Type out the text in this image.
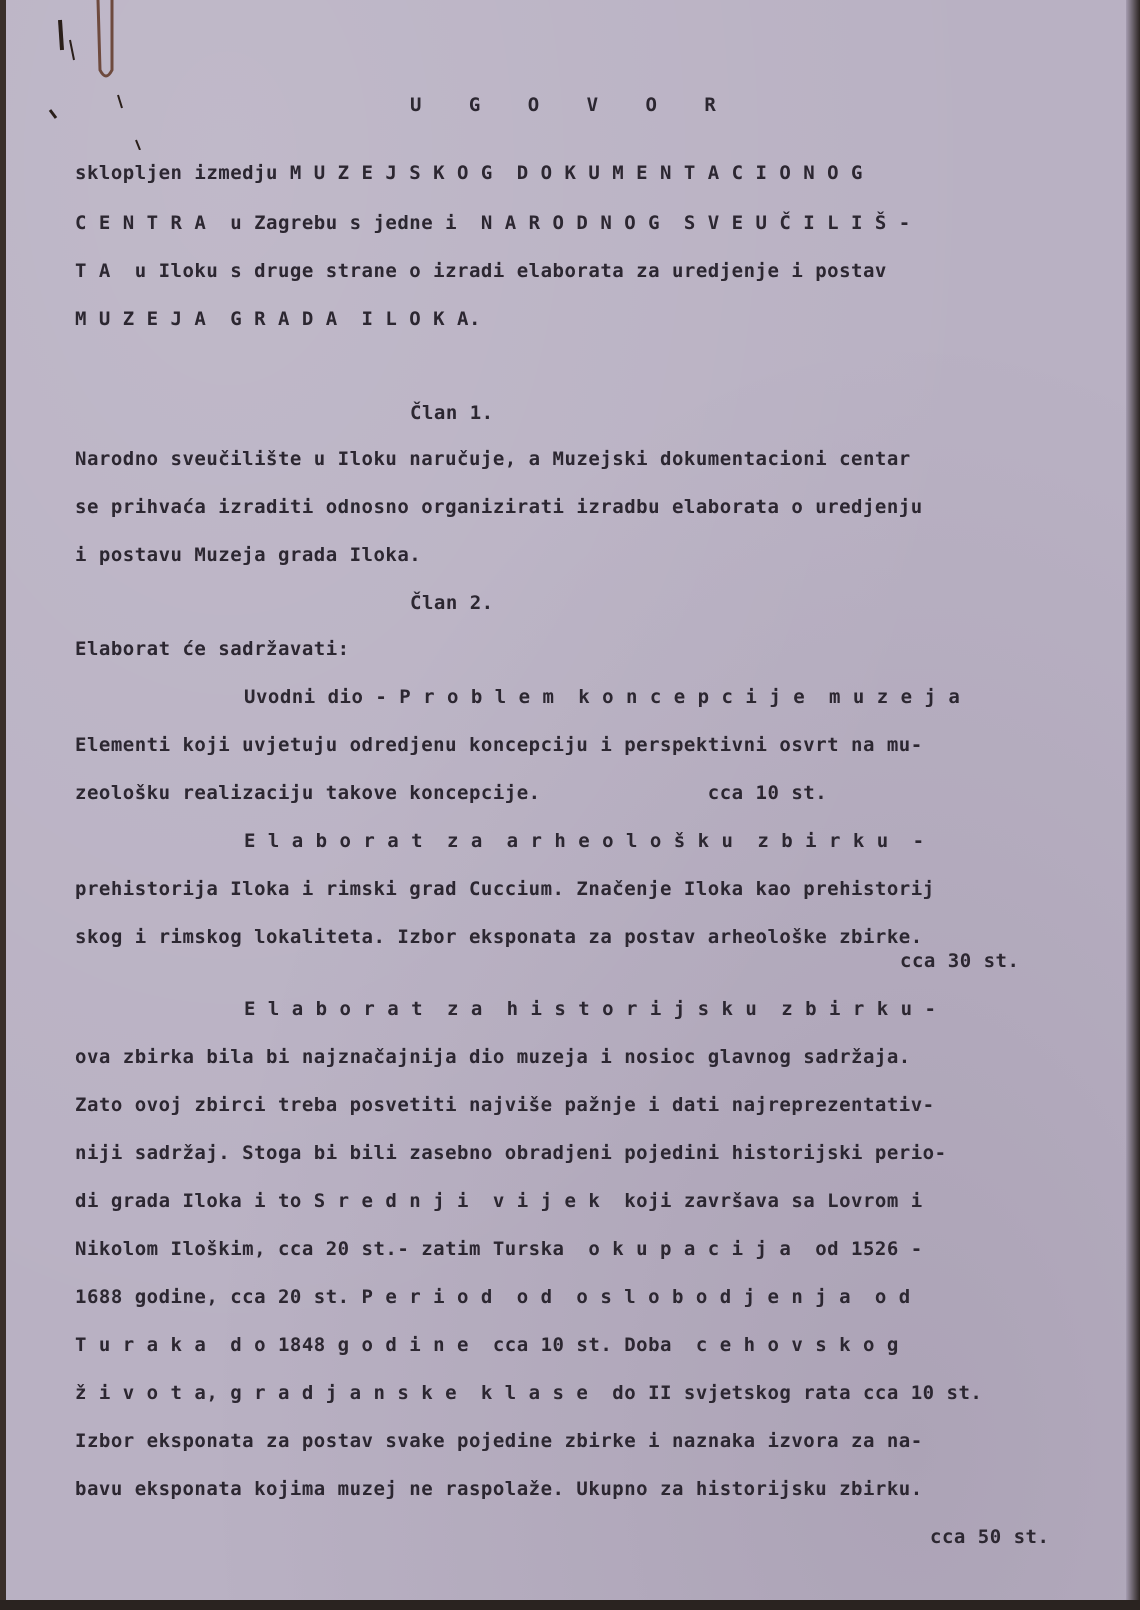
U G O V O R
sklopljen izmedju M U Z E J S K O G  D O K U M E N T A C I O N O G
C E N T R A  u Zagrebu s jedne i  N A R O D N O G  S V E U Č I L I Š -
T A  u Iloku s druge strane o izradi elaborata za uredjenje i postav
M U Z E J A  G R A D A  I L O K A.
Član 1.
Narodno sveučilište u Iloku naručuje, a Muzejski dokumentacioni centar
se prihvaća izraditi odnosno organizirati izradbu elaborata o uredjenju
i postavu Muzeja grada Iloka.
Član 2.
Elaborat će sadržavati:
Uvodni dio - P r o b l e m  k o n c e p c i j e  m u z e j a
Elementi koji uvjetuju odredjenu koncepciju i perspektivni osvrt na mu-
zeološku realizaciju takove koncepcije.              cca 10 st.
E l a b o r a t  z a  a r h e o l o š k u  z b i r k u  -
prehistorija Iloka i rimski grad Cuccium. Značenje Iloka kao prehistorij
skog i rimskog lokaliteta. Izbor eksponata za postav arheološke zbirke.
cca 30 st.
E l a b o r a t  z a  h i s t o r i j s k u  z b i r k u -
ova zbirka bila bi najznačajnija dio muzeja i nosioc glavnog sadržaja.
Zato ovoj zbirci treba posvetiti najviše pažnje i dati najreprezentativ-
niji sadržaj. Stoga bi bili zasebno obradjeni pojedini historijski perio-
di grada Iloka i to S r e d n j i  v i j e k  koji završava sa Lovrom i
Nikolom Iloškim, cca 20 st.- zatim Turska  o k u p a c i j a  od 1526 -
1688 godine, cca 20 st. P e r i o d  o d  o s l o b o d j e n j a  o d
T u r a k a  d o 1848 g o d i n e  cca 10 st. Doba  c e h o v s k o g
ž i v o t a, g r a d j a n s k e  k l a s e  do II svjetskog rata cca 10 st.
Izbor eksponata za postav svake pojedine zbirke i naznaka izvora za na-
bavu eksponata kojima muzej ne raspolaže. Ukupno za historijsku zbirku.
cca 50 st.
